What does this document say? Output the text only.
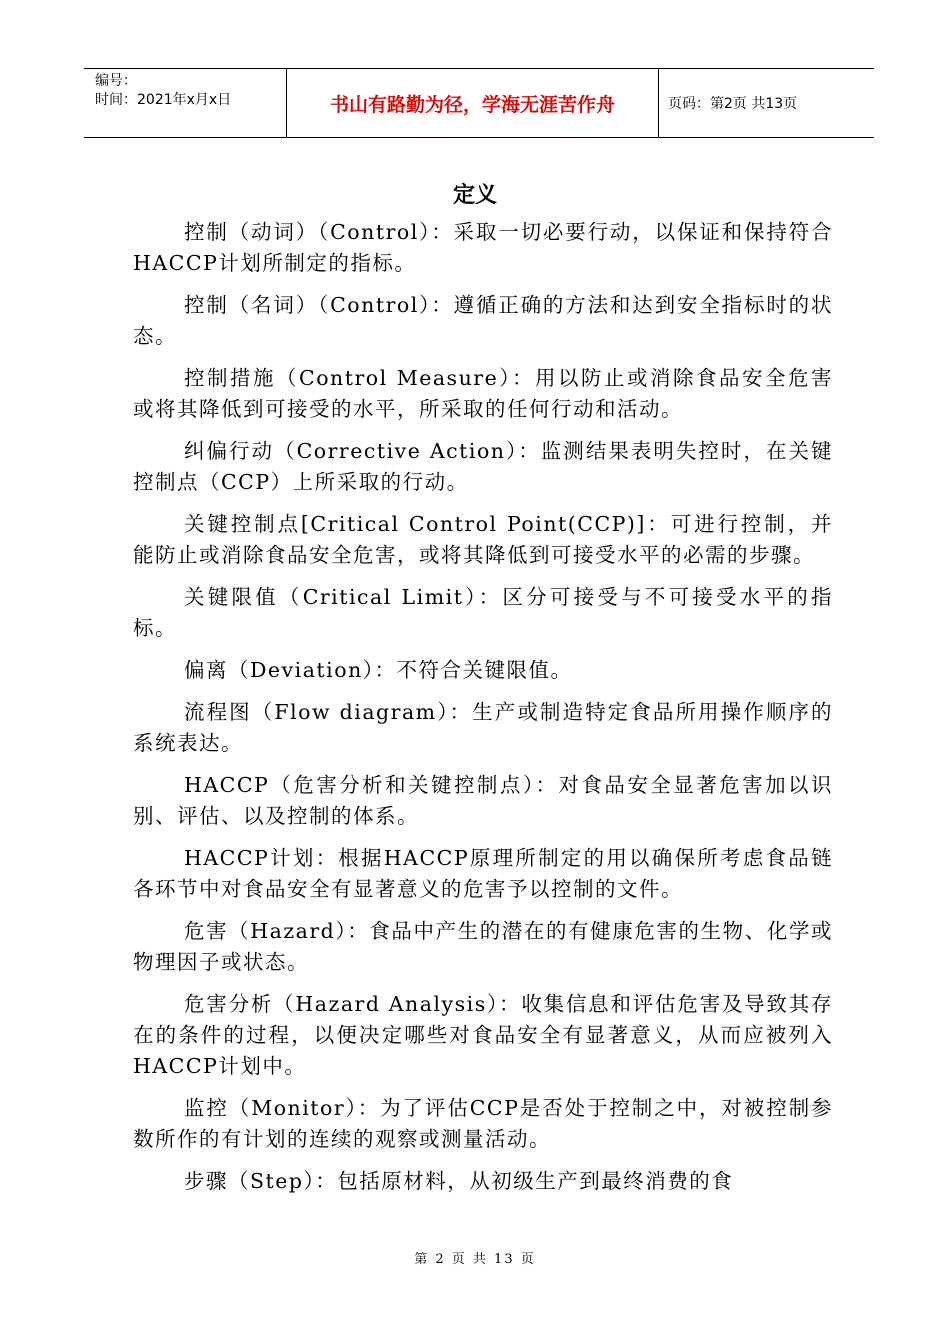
编号：
时间：2021年x月x日	书山有路勤为径，学海无涯苦作舟	页码：第2页 共13页
定义

控制（动词）（Control）：采取一切必要行动，以保证和保持符合HACCP计划所制定的指标。

控制（名词）（Control）：遵循正确的方法和达到安全指标时的状态。

控制措施（Control Measure）：用以防止或消除食品安全危害或将其降低到可接受的水平，所采取的任何行动和活动。

纠偏行动（Corrective Action）：监测结果表明失控时，在关键控制点（CCP）上所采取的行动。

关键控制点[Critical Control Point(CCP)]：可进行控制，并能防止或消除食品安全危害，或将其降低到可接受水平的必需的步骤。

关键限值（Critical Limit）：区分可接受与不可接受水平的指标。

偏离（Deviation）：不符合关键限值。

流程图（Flow diagram）：生产或制造特定食品所用操作顺序的系统表达。

HACCP（危害分析和关键控制点）：对食品安全显著危害加以识别、评估、以及控制的体系。

HACCP计划：根据HACCP原理所制定的用以确保所考虑食品链各环节中对食品安全有显著意义的危害予以控制的文件。

危害（Hazard）：食品中产生的潜在的有健康危害的生物、化学或物理因子或状态。

危害分析（Hazard Analysis）：收集信息和评估危害及导致其存在的条件的过程，以便决定哪些对食品安全有显著意义，从而应被列入HACCP计划中。

监控（Monitor）：为了评估CCP是否处于控制之中，对被控制参数所作的有计划的连续的观察或测量活动。

步骤（Step）：包括原材料，从初级生产到最终消费的食

第 2 页 共 13 页
